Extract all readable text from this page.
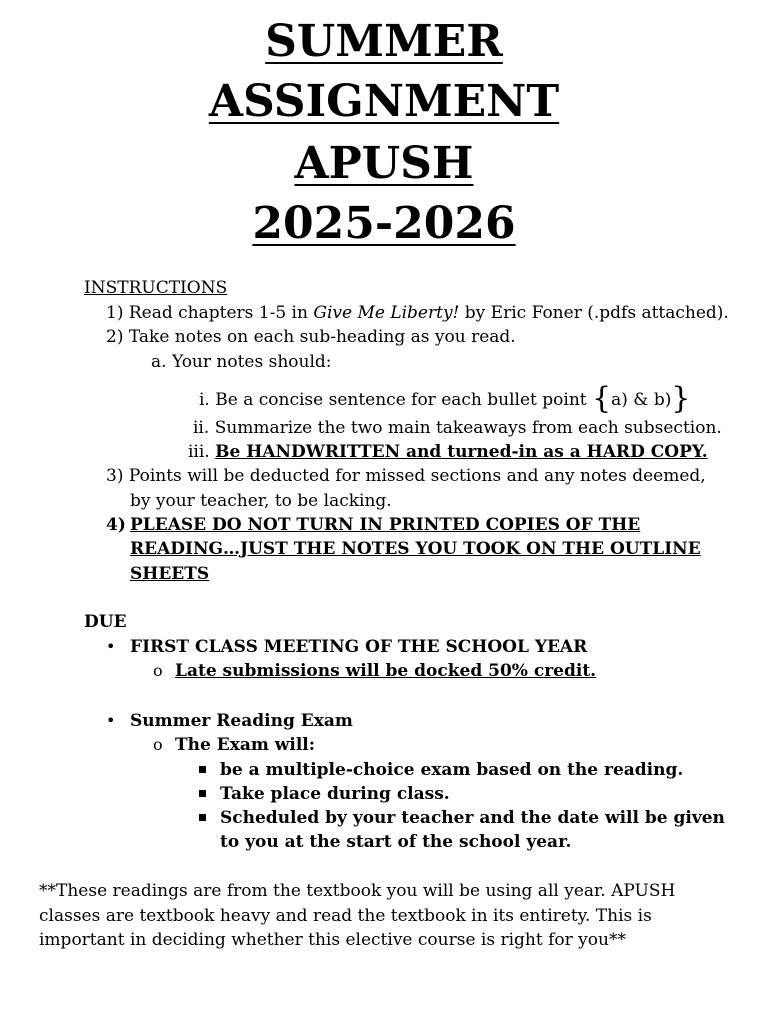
SUMMER
ASSIGNMENT
APUSH
2025-2026
INSTRUCTIONS
1) Read chapters 1-5 in Give Me Liberty! by Eric Foner (.pdfs attached).
2) Take notes on each sub-heading as you read.
a. Your notes should:
i. Be a concise sentence for each bullet point {a) & b)}
ii. Summarize the two main takeaways from each subsection.
iii. Be HANDWRITTEN and turned-in as a HARD COPY.
3) Points will be deducted for missed sections and any notes deemed,
by your teacher, to be lacking.
4) PLEASE DO NOT TURN IN PRINTED COPIES OF THE
READING…JUST THE NOTES YOU TOOK ON THE OUTLINE
SHEETS
DUE
• FIRST CLASS MEETING OF THE SCHOOL YEAR
o Late submissions will be docked 50% credit.
• Summer Reading Exam
o The Exam will:
be a multiple-choice exam based on the reading.
Take place during class.
Scheduled by your teacher and the date will be given
to you at the start of the school year.
**These readings are from the textbook you will be using all year. APUSH
classes are textbook heavy and read the textbook in its entirety. This is
important in deciding whether this elective course is right for you**
